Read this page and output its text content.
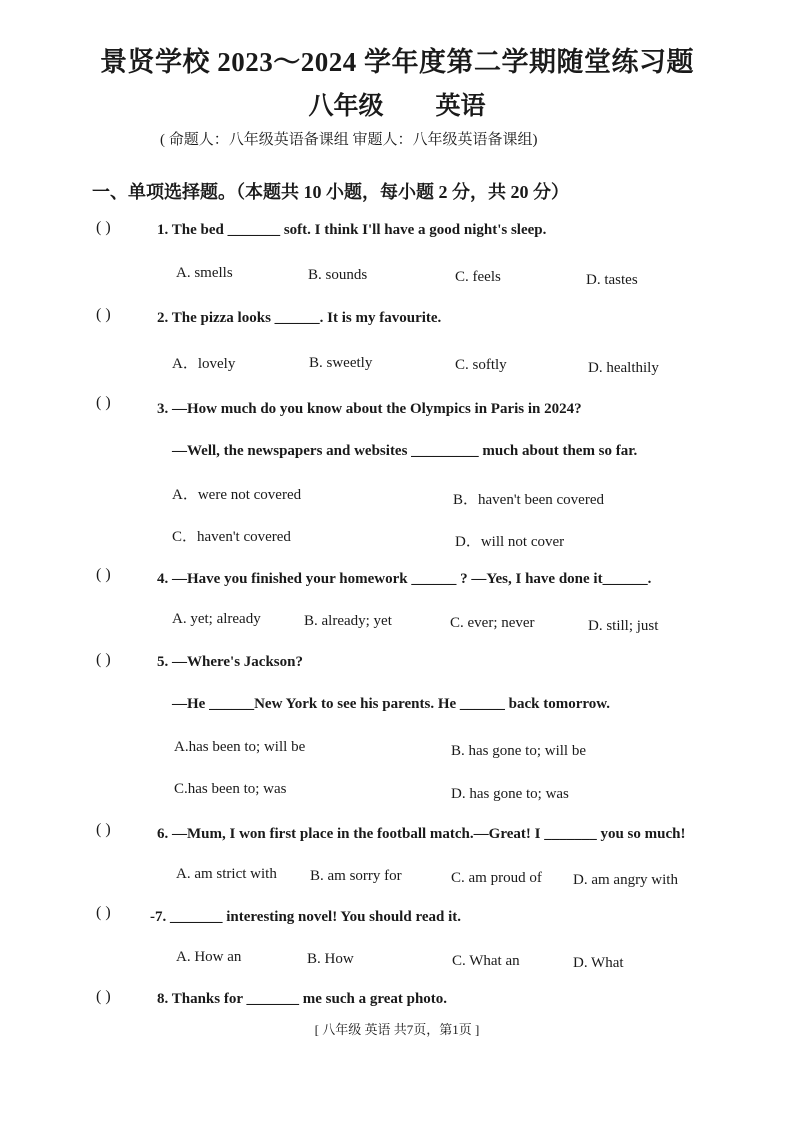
景贤学校 2023～2024 学年度第二学期随堂练习题
八年级 英语
( 命题人：八年级英语备课组 审题人：八年级英语备课组)
一、单项选择题。（本题共 10 小题，每小题 2 分，共 20 分）
( )	1. The bed _______ soft. I think I'll have a good night's sleep.
A. smells	B. sounds	C. feels	D. tastes
( )	2. The pizza looks ______. It is my favourite.
A．lovely	B. sweetly	C. softly	D. healthily
( )	3. —How much do you know about the Olympics in Paris in 2024?
—Well, the newspapers and websites _________ much about them so far.
A．were not covered	B．haven't been covered
C．haven't covered	D．will not cover
( )	4. —Have you finished your homework ______ ? —Yes, I have done it______.
A. yet; already	B. already; yet	C. ever; never	D. still; just
( )	5. —Where's Jackson?
—He ______New York to see his parents. He ______ back tomorrow.
A.has been to; will be	B. has gone to; will be
C.has been to; was	D. has gone to; was
( )	6. —Mum, I won first place in the football match.—Great! I _______ you so much!
A. am strict with B. am sorry for	C. am proud of D. am angry with
( )	-7. _______ interesting novel! You should read it.
A. How an	B. How	C. What an	D. What
( )	8. Thanks for _______ me such a great photo.
[ 八年级 英语 共7页，第1页 ]
